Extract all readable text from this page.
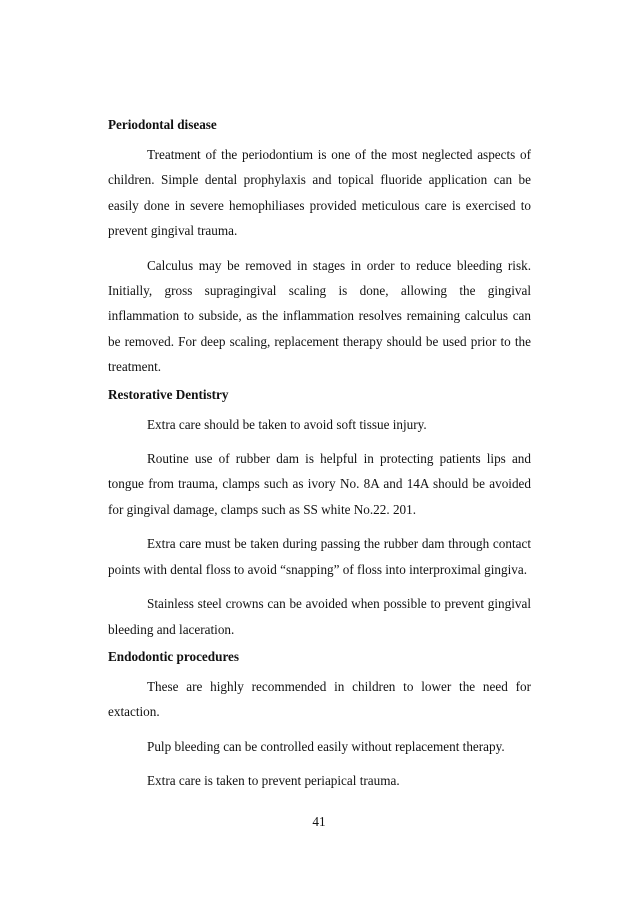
Periodontal disease

Treatment of the periodontium is one of the most neglected aspects of children. Simple dental prophylaxis and topical fluoride application can be easily done in severe hemophiliases provided meticulous care is exercised to prevent gingival trauma.

Calculus may be removed in stages in order to reduce bleeding risk. Initially, gross supragingival scaling is done, allowing the gingival inflammation to subside, as the inflammation resolves remaining calculus can be removed. For deep scaling, replacement therapy should be used prior to the treatment.

Restorative Dentistry

Extra care should be taken to avoid soft tissue injury.

Routine use of rubber dam is helpful in protecting patients lips and tongue from trauma, clamps such as ivory No. 8A and 14A should be avoided for gingival damage, clamps such as SS white No.22. 201.

Extra care must be taken during passing the rubber dam through contact points with dental floss to avoid “snapping” of floss into interproximal gingiva.

Stainless steel crowns can be avoided when possible to prevent gingival bleeding and laceration.

Endodontic procedures

These are highly recommended in children to lower the need for extaction.

Pulp bleeding can be controlled easily without replacement therapy.

Extra care is taken to prevent periapical trauma.

41
